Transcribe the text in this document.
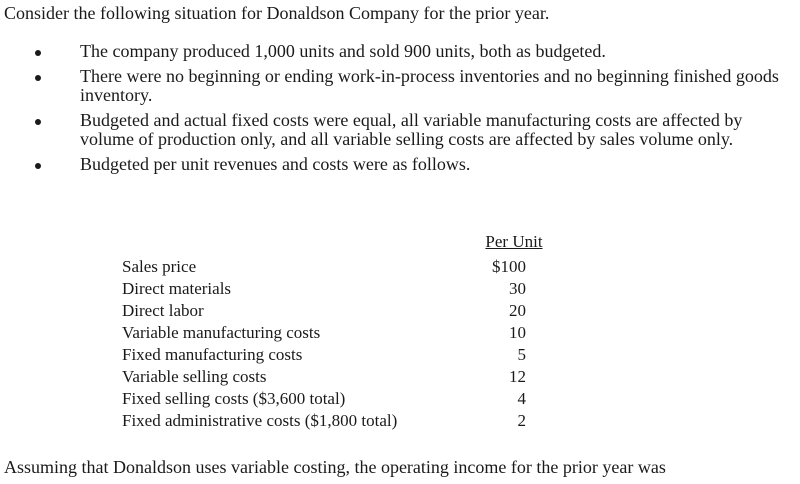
Consider the following situation for Donaldson Company for the prior year.
The company produced 1,000 units and sold 900 units, both as budgeted.
There were no beginning or ending work-in-process inventories and no beginning finished goods inventory.
Budgeted and actual fixed costs were equal, all variable manufacturing costs are affected by volume of production only, and all variable selling costs are affected by sales volume only.
Budgeted per unit revenues and costs were as follows.
Per Unit
Sales price	$100
Direct materials	30
Direct labor	20
Variable manufacturing costs	10
Fixed manufacturing costs	5
Variable selling costs	12
Fixed selling costs ($3,600 total)	4
Fixed administrative costs ($1,800 total)	2
Assuming that Donaldson uses variable costing, the operating income for the prior year was
